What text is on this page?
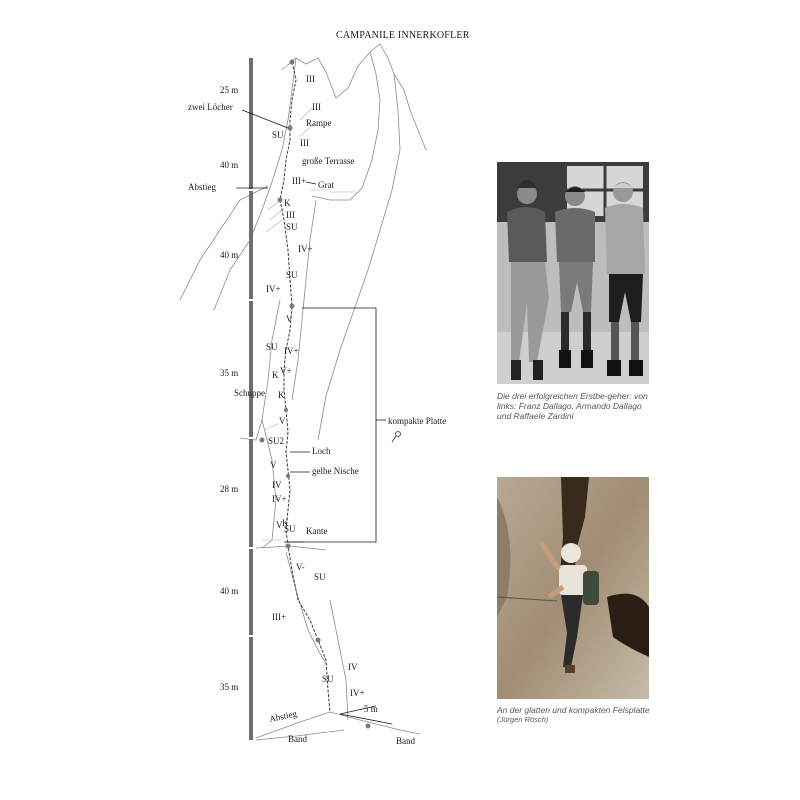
CAMPANILE INNERKOFLER
25 m
40 m
40 m
35 m
28 m
40 m
35 m
III
III
III
III+
III
IV+
IV+
V
IV+
V+
V
V
IV
IV+
V
V-
III+
IV
IV+
SU
SU
SU
SU
SU2
SU
SU
SU
K
K
K
K
5 m
zwei Löcher
Rampe
große Terrasse
Grat
Abstieg
Schuppe
Loch
gelbe Nische
Kante
kompakte Platte
Abstieg
Band	Band
Die drei erfolgreichen Erstbe-geher: von links: Franz Dallago, Armando Dallago und Raffaele Zardini
An der glatten und kompakten Felsplatte
(Jürgen Rösch)
